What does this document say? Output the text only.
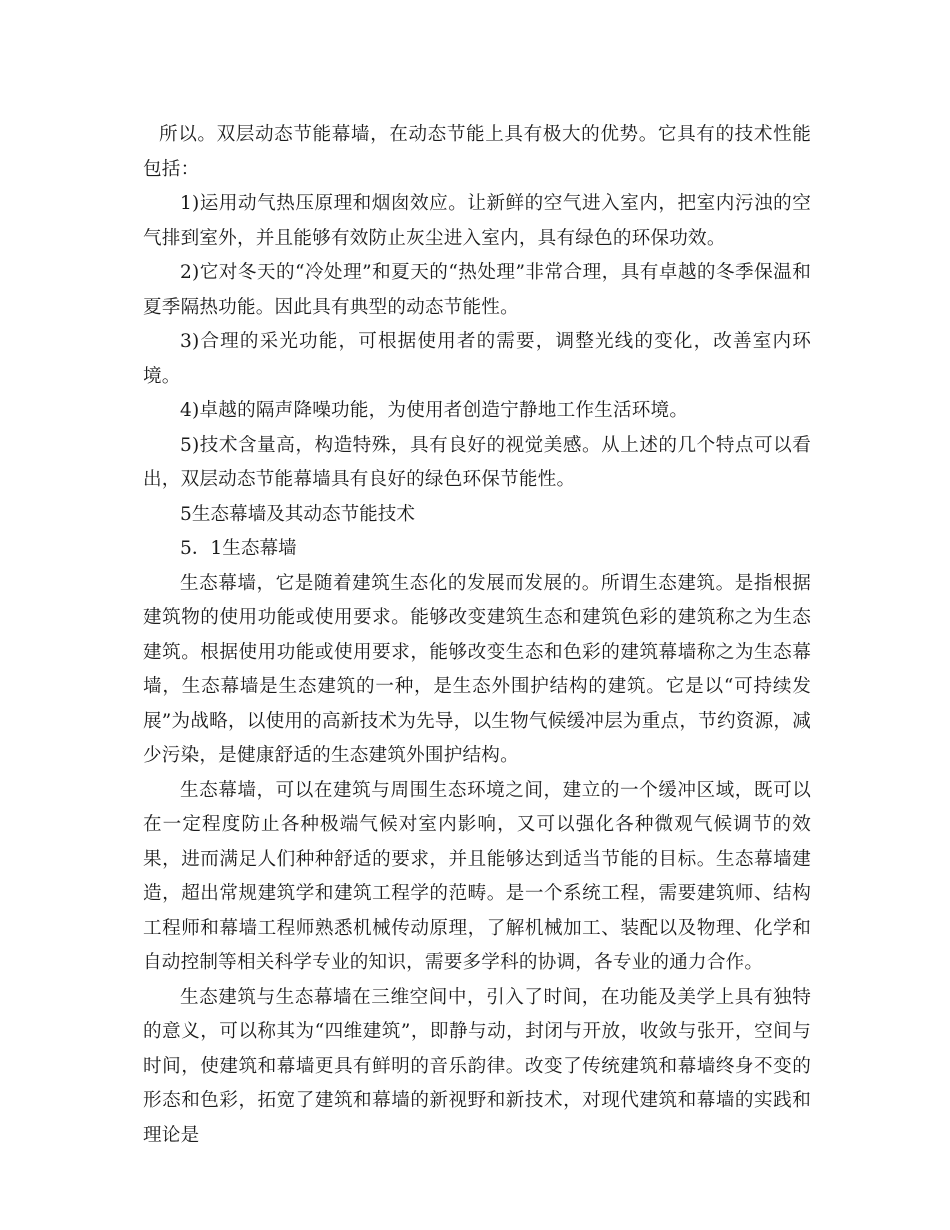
所以。双层动态节能幕墙，在动态节能上具有极大的优势。它具有的技术性能包括：

1)运用动气热压原理和烟囱效应。让新鲜的空气进入室内，把室内污浊的空气排到室外，并且能够有效防止灰尘进入室内，具有绿色的环保功效。

2)它对冬天的“冷处理”和夏天的“热处理”非常合理，具有卓越的冬季保温和夏季隔热功能。因此具有典型的动态节能性。

3)合理的采光功能，可根据使用者的需要，调整光线的变化，改善室内环境。

4)卓越的隔声降噪功能，为使用者创造宁静地工作生活环境。

5)技术含量高，构造特殊，具有良好的视觉美感。从上述的几个特点可以看出，双层动态节能幕墙具有良好的绿色环保节能性。

5生态幕墙及其动态节能技术

5．1生态幕墙

生态幕墙，它是随着建筑生态化的发展而发展的。所谓生态建筑。是指根据建筑物的使用功能或使用要求。能够改变建筑生态和建筑色彩的建筑称之为生态建筑。根据使用功能或使用要求，能够改变生态和色彩的建筑幕墙称之为生态幕墙，生态幕墙是生态建筑的一种，是生态外围护结构的建筑。它是以“可持续发展”为战略，以使用的高新技术为先导，以生物气候缓冲层为重点，节约资源，减少污染，是健康舒适的生态建筑外围护结构。

生态幕墙，可以在建筑与周围生态环境之间，建立的一个缓冲区域，既可以在一定程度防止各种极端气候对室内影响，又可以强化各种微观气候调节的效果，进而满足人们种种舒适的要求，并且能够达到适当节能的目标。生态幕墙建造，超出常规建筑学和建筑工程学的范畴。是一个系统工程，需要建筑师、结构工程师和幕墙工程师熟悉机械传动原理，了解机械加工、装配以及物理、化学和自动控制等相关科学专业的知识，需要多学科的协调，各专业的通力合作。

生态建筑与生态幕墙在三维空间中，引入了时间，在功能及美学上具有独特的意义，可以称其为“四维建筑”，即静与动，封闭与开放，收敛与张开，空间与时间，使建筑和幕墙更具有鲜明的音乐韵律。改变了传统建筑和幕墙终身不变的形态和色彩，拓宽了建筑和幕墙的新视野和新技术，对现代建筑和幕墙的实践和理论是
